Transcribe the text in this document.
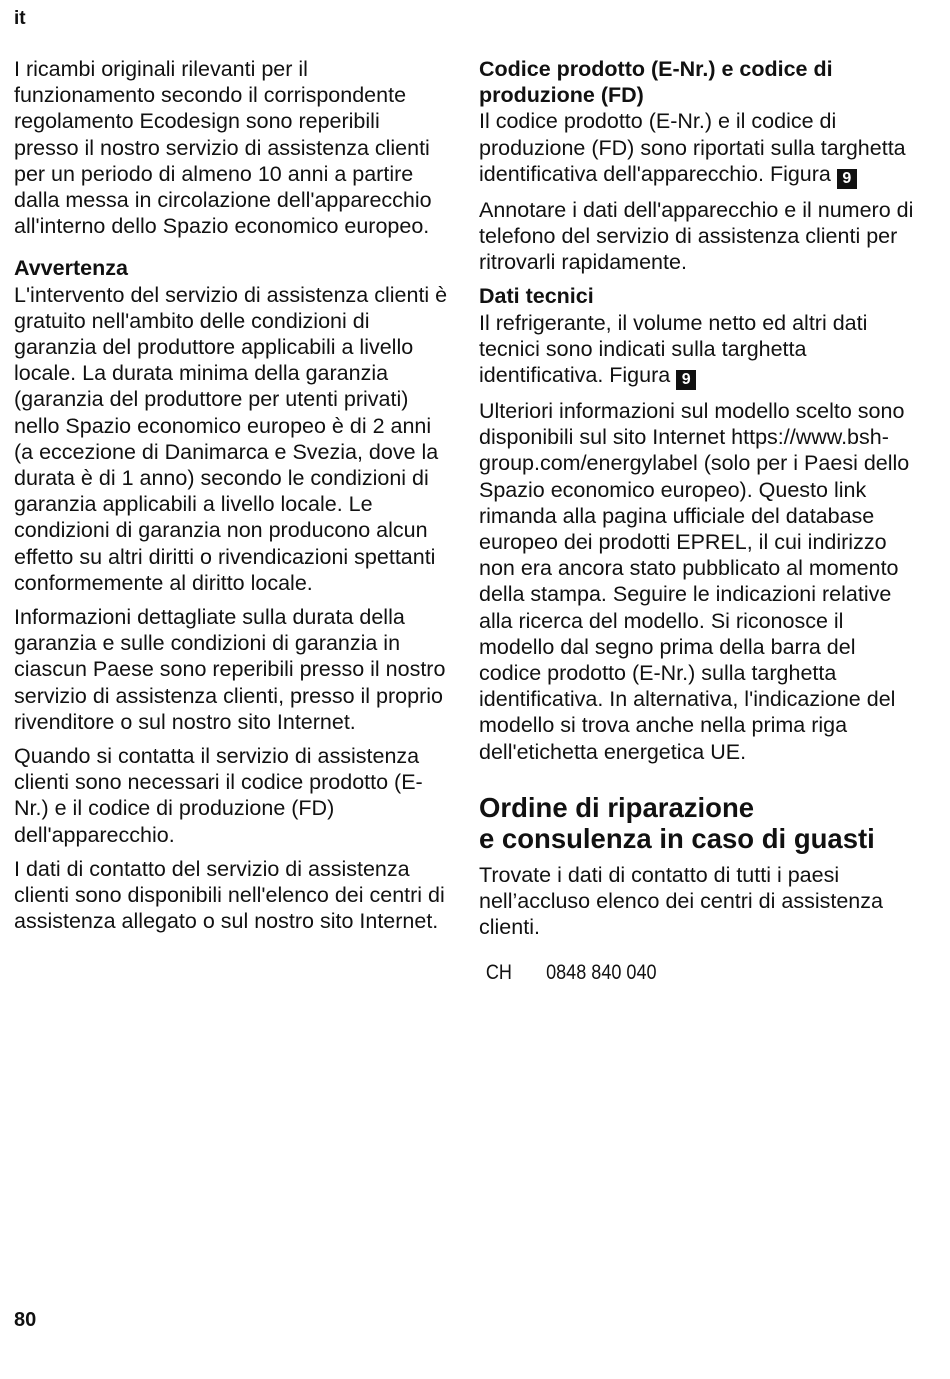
it

I ricambi originali rilevanti per il funzionamento secondo il corrispondente regolamento Ecodesign sono reperibili presso il nostro servizio di assistenza clienti per un periodo di almeno 10 anni a partire dalla messa in circolazione dell'apparecchio all'interno dello Spazio economico europeo.

Avvertenza

L'intervento del servizio di assistenza clienti è gratuito nell'ambito delle condizioni di garanzia del produttore applicabili a livello locale. La durata minima della garanzia (garanzia del produttore per utenti privati) nello Spazio economico europeo è di 2 anni (a eccezione di Danimarca e Svezia, dove la durata è di 1 anno) secondo le condizioni di garanzia applicabili a livello locale. Le condizioni di garanzia non producono alcun effetto su altri diritti o rivendicazioni spettanti conformemente al diritto locale.

Informazioni dettagliate sulla durata della garanzia e sulle condizioni di garanzia in ciascun Paese sono reperibili presso il nostro servizio di assistenza clienti, presso il proprio rivenditore o sul nostro sito Internet.

Quando si contatta il servizio di assistenza clienti sono necessari il codice prodotto (E-Nr.) e il codice di produzione (FD) dell'apparecchio.

I dati di contatto del servizio di assistenza clienti sono disponibili nell'elenco dei centri di assistenza allegato o sul nostro sito Internet.

Codice prodotto (E-Nr.) e codice di produzione (FD)

Il codice prodotto (E-Nr.) e il codice di produzione (FD) sono riportati sulla targhetta identificativa dell'apparecchio. Figura 9

Annotare i dati dell'apparecchio e il numero di telefono del servizio di assistenza clienti per ritrovarli rapidamente.

Dati tecnici

Il refrigerante, il volume netto ed altri dati tecnici sono indicati sulla targhetta identificativa. Figura 9

Ulteriori informazioni sul modello scelto sono disponibili sul sito Internet https://www.bsh-group.com/energylabel (solo per i Paesi dello Spazio economico europeo). Questo link rimanda alla pagina ufficiale del database europeo dei prodotti EPREL, il cui indirizzo non era ancora stato pubblicato al momento della stampa. Seguire le indicazioni relative alla ricerca del modello. Si riconosce il modello dal segno prima della barra del codice prodotto (E-Nr.) sulla targhetta identificativa. In alternativa, l'indicazione del modello si trova anche nella prima riga dell'etichetta energetica UE.

Ordine di riparazione
e consulenza in caso di guasti

Trovate i dati di contatto di tutti i paesi nell’accluso elenco dei centri di assistenza clienti.

CH	0848 840 040
80
